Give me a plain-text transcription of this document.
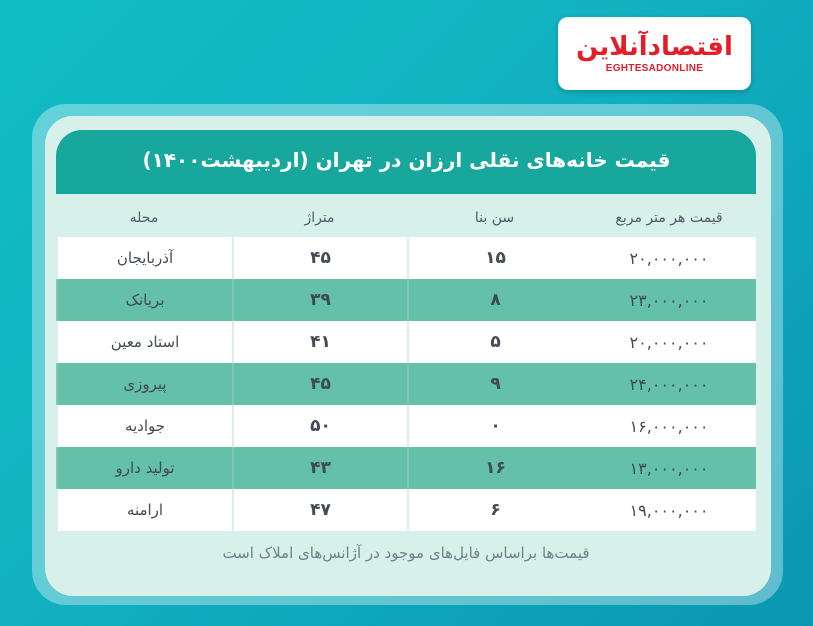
اقتصادآنلاین
EGHTESADONLINE
قیمت خانه‌های نقلی ارزان در تهران (اردیبهشت۱۴۰۰)
محله	متراژ	سن بنا	قیمت هر متر مربع
آذربایجان	۴۵	۱۵	۲۰,۰۰۰,۰۰۰
بریانک	۳۹	۸	۲۳,۰۰۰,۰۰۰
استاد معین	۴۱	۵	۲۰,۰۰۰,۰۰۰
پیروزی	۴۵	۹	۲۴,۰۰۰,۰۰۰
جوادیه	۵۰	۰	۱۶,۰۰۰,۰۰۰
تولید دارو	۴۳	۱۶	۱۳,۰۰۰,۰۰۰
ارامنه	۴۷	۶	۱۹,۰۰۰,۰۰۰
قیمت‌ها براساس فایل‌های موجود در آژانس‌های املاک است
